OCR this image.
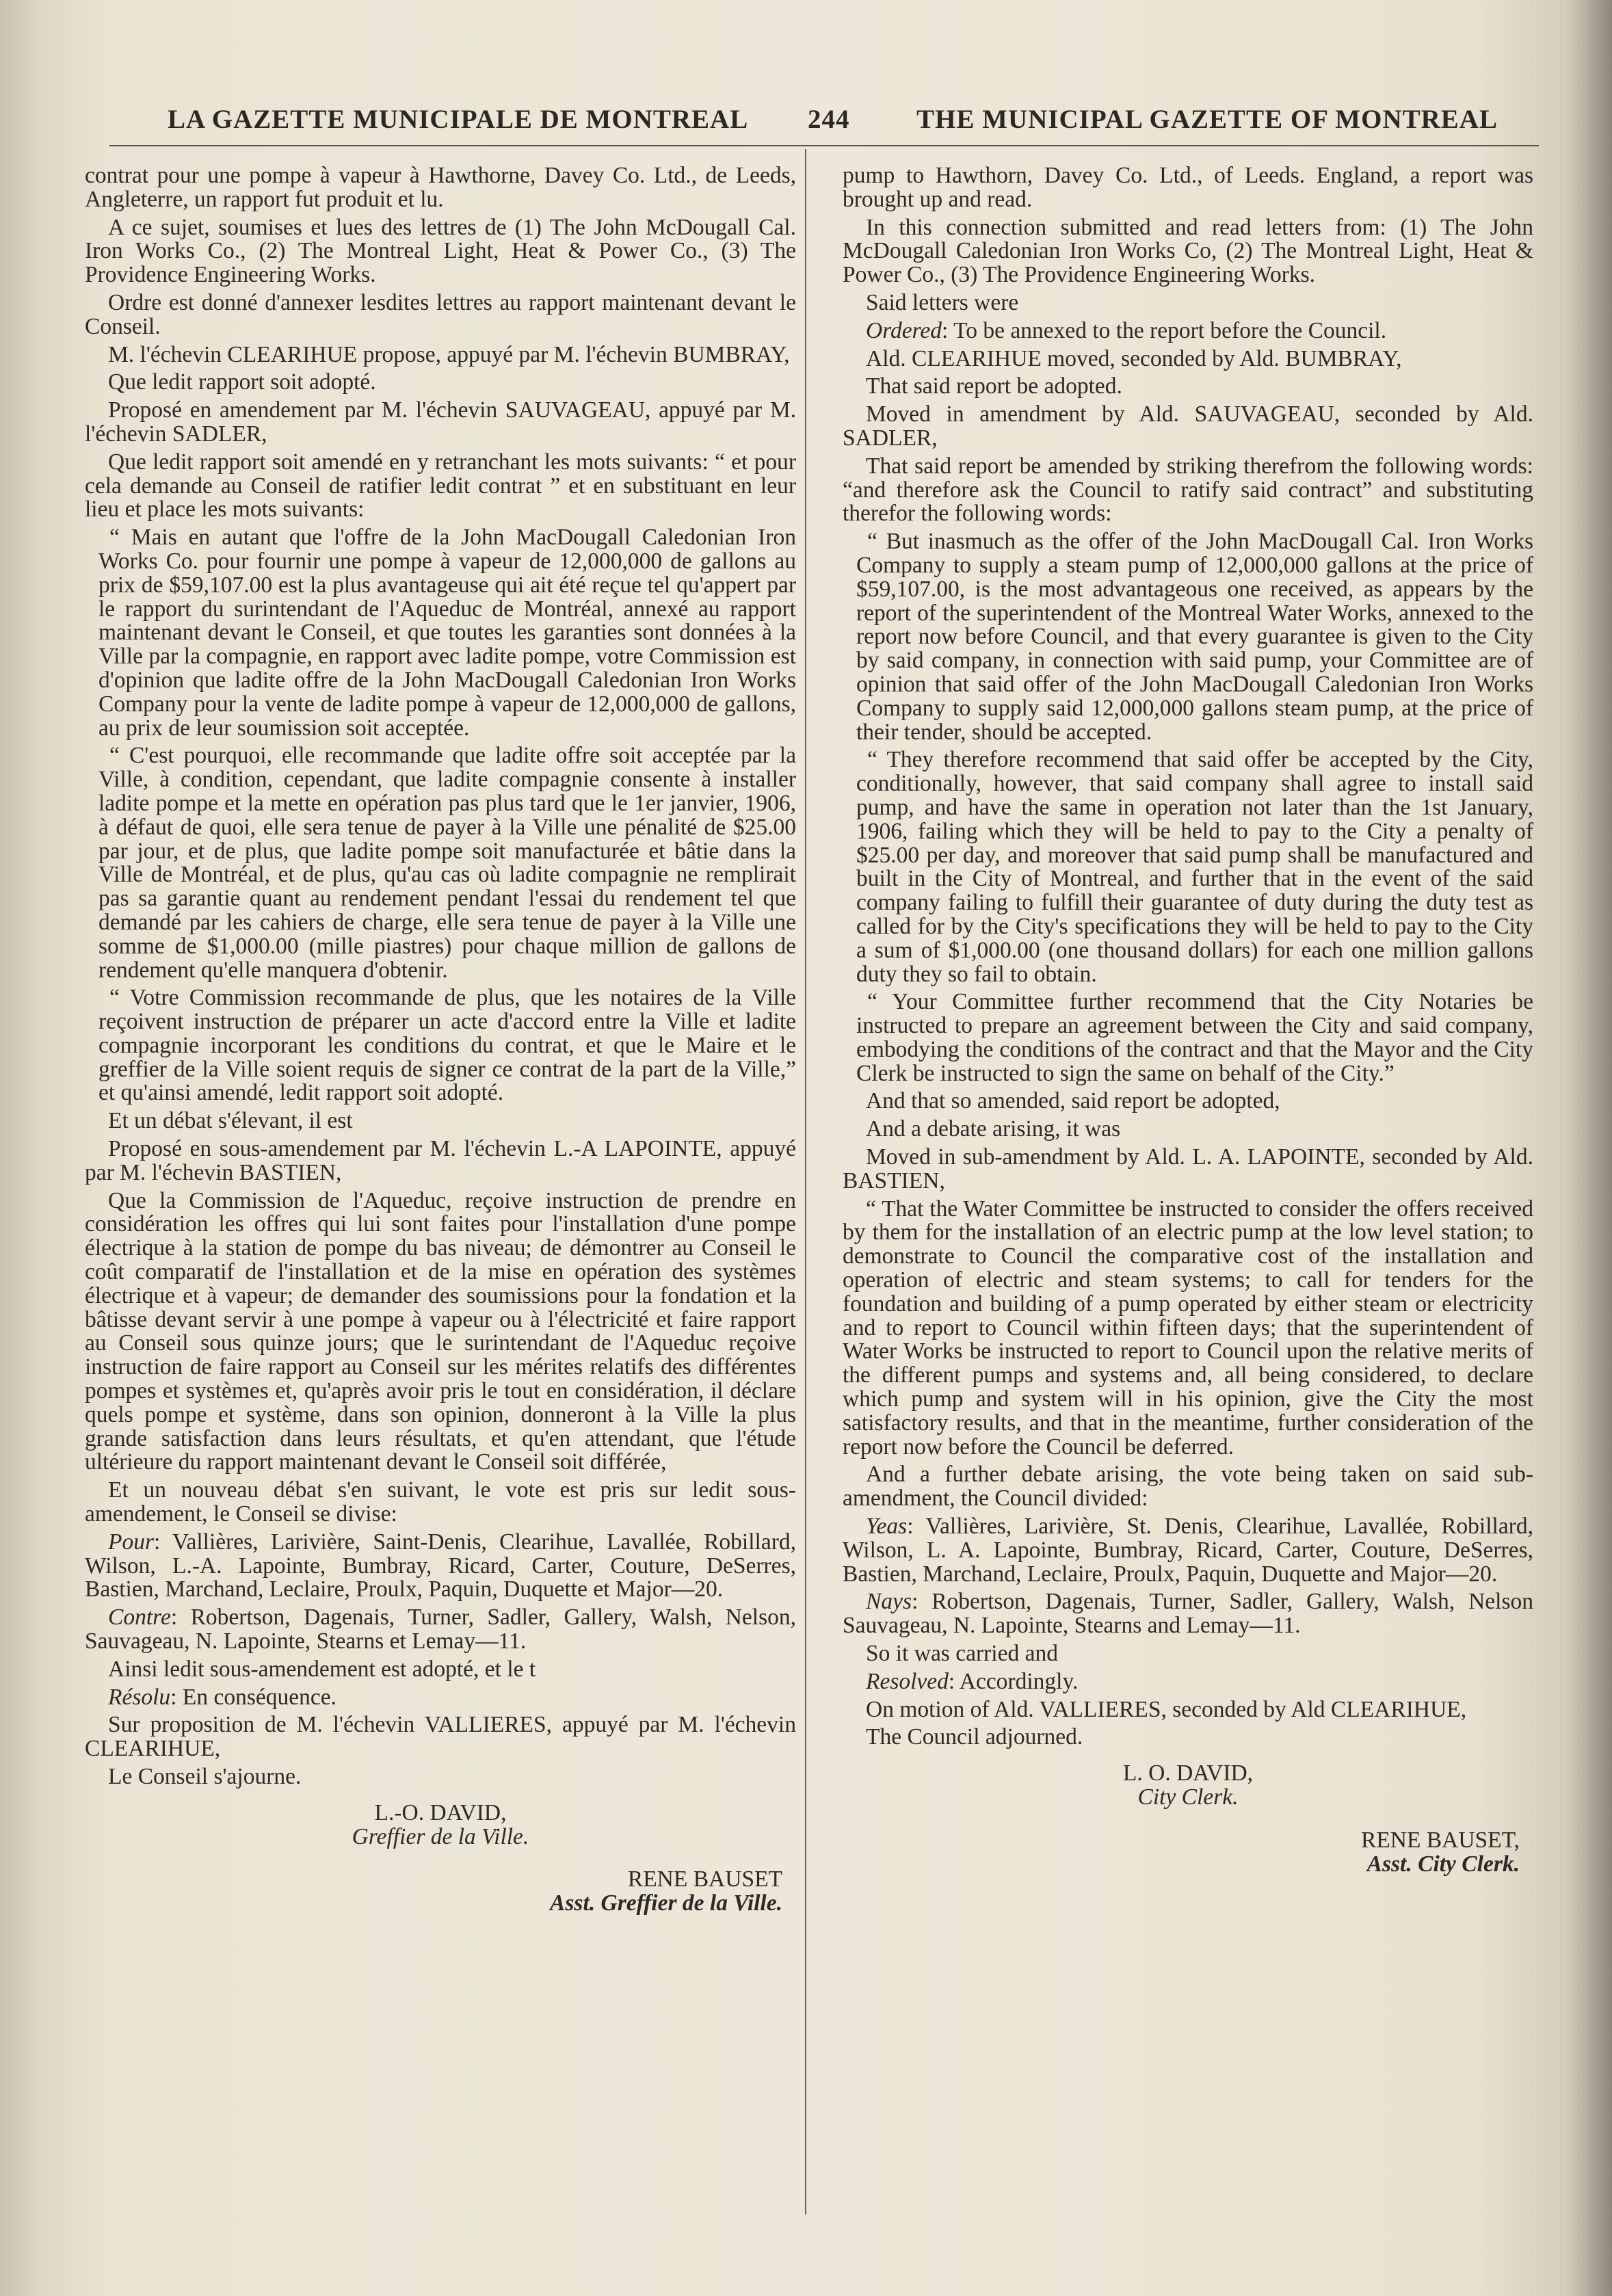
LA GAZETTE MUNICIPALE DE MONTREAL 244	THE MUNICIPAL GAZETTE OF MONTREAL

contrat pour une pompe à vapeur à Hawthorne, Davey Co. Ltd., de Leeds, Angleterre, un rapport fut produit et lu.

A ce sujet, soumises et lues des lettres de (1) The John McDougall Cal. Iron Works Co., (2) The Montreal Light, Heat & Power Co., (3) The Providence Engineering Works.

Ordre est donné d'annexer lesdites lettres au rapport maintenant devant le Conseil.

M. l'échevin CLEARIHUE propose, appuyé par M. l'échevin BUMBRAY,

Que ledit rapport soit adopté.

Proposé en amendement par M. l'échevin SAUVAGEAU, appuyé par M. l'échevin SADLER,

Que ledit rapport soit amendé en y retranchant les mots suivants: “ et pour cela demande au Conseil de ratifier ledit contrat ” et en substituant en leur lieu et place les mots suivants:

“ Mais en autant que l'offre de la John MacDougall Caledonian Iron Works Co. pour fournir une pompe à vapeur de 12,000,000 de gallons au prix de $59,107.00 est la plus avantageuse qui ait été reçue tel qu'appert par le rapport du surintendant de l'Aqueduc de Montréal, annexé au rapport maintenant devant le Conseil, et que toutes les garanties sont données à la Ville par la compagnie, en rapport avec ladite pompe, votre Commission est d'opinion que ladite offre de la John MacDougall Caledonian Iron Works Company pour la vente de ladite pompe à vapeur de 12,000,000 de gallons, au prix de leur soumission soit acceptée.

“ C'est pourquoi, elle recommande que ladite offre soit acceptée par la Ville, à condition, cependant, que ladite compagnie consente à installer ladite pompe et la mette en opération pas plus tard que le 1er janvier, 1906, à défaut de quoi, elle sera tenue de payer à la Ville une pénalité de $25.00 par jour, et de plus, que ladite pompe soit manufacturée et bâtie dans la Ville de Montréal, et de plus, qu'au cas où ladite compagnie ne remplirait pas sa garantie quant au rendement pendant l'essai du rendement tel que demandé par les cahiers de charge, elle sera tenue de payer à la Ville une somme de $1,000.00 (mille piastres) pour chaque million de gallons de rendement qu'elle manquera d'obtenir.

“ Votre Commission recommande de plus, que les notaires de la Ville reçoivent instruction de préparer un acte d'accord entre la Ville et ladite compagnie incorporant les conditions du contrat, et que le Maire et le greffier de la Ville soient requis de signer ce contrat de la part de la Ville,” et qu'ainsi amendé, ledit rapport soit adopté.

Et un débat s'élevant, il est

Proposé en sous-amendement par M. l'échevin L.-A LAPOINTE, appuyé par M. l'échevin BASTIEN,

Que la Commission de l'Aqueduc, reçoive instruction de prendre en considération les offres qui lui sont faites pour l'installation d'une pompe électrique à la station de pompe du bas niveau; de démontrer au Conseil le coût comparatif de l'installation et de la mise en opération des systèmes électrique et à vapeur; de demander des soumissions pour la fondation et la bâtisse devant servir à une pompe à vapeur ou à l'électricité et faire rapport au Conseil sous quinze jours; que le surintendant de l'Aqueduc reçoive instruction de faire rapport au Conseil sur les mérites relatifs des différentes pompes et systèmes et, qu'après avoir pris le tout en considération, il déclare quels pompe et système, dans son opinion, donneront à la Ville la plus grande satisfaction dans leurs résultats, et qu'en attendant, que l'étude ultérieure du rapport maintenant devant le Conseil soit différée,

Et un nouveau débat s'en suivant, le vote est pris sur ledit sous-amendement, le Conseil se divise:

Pour: Vallières, Larivière, Saint-Denis, Clearihue, Lavallée, Robillard, Wilson, L.-A. Lapointe, Bumbray, Ricard, Carter, Couture, DeSerres, Bastien, Marchand, Leclaire, Proulx, Paquin, Duquette et Major—20.

Contre: Robertson, Dagenais, Turner, Sadler, Gallery, Walsh, Nelson, Sauvageau, N. Lapointe, Stearns et Lemay—11.

Ainsi ledit sous-amendement est adopté, et le t

Résolu: En conséquence.

Sur proposition de M. l'échevin VALLIERES, appuyé par M. l'échevin CLEARIHUE,

Le Conseil s'ajourne.

L.-O. DAVID,
Greffier de la Ville.
RENE BAUSET
Asst. Greffier de la Ville.

pump to Hawthorn, Davey Co. Ltd., of Leeds. England, a report was brought up and read.

In this connection submitted and read letters from: (1) The John McDougall Caledonian Iron Works Co, (2) The Montreal Light, Heat & Power Co., (3) The Providence Engineering Works.

Said letters were

Ordered: To be annexed to the report before the Council.

Ald. CLEARIHUE moved, seconded by Ald. BUMBRAY,

That said report be adopted.

Moved in amendment by Ald. SAUVAGEAU, seconded by Ald. SADLER,

That said report be amended by striking therefrom the following words: “and therefore ask the Council to ratify said contract” and substituting therefor the following words:

“ But inasmuch as the offer of the John MacDougall Cal. Iron Works Company to supply a steam pump of 12,000,000 gallons at the price of $59,107.00, is the most advantageous one received, as appears by the report of the superintendent of the Montreal Water Works, annexed to the report now before Council, and that every guarantee is given to the City by said company, in connection with said pump, your Committee are of opinion that said offer of the John MacDougall Caledonian Iron Works Company to supply said 12,000,000 gallons steam pump, at the price of their tender, should be accepted.

“ They therefore recommend that said offer be accepted by the City, conditionally, however, that said company shall agree to install said pump, and have the same in operation not later than the 1st January, 1906, failing which they will be held to pay to the City a penalty of $25.00 per day, and moreover that said pump shall be manufactured and built in the City of Montreal, and further that in the event of the said company failing to fulfill their guarantee of duty during the duty test as called for by the City's specifications they will be held to pay to the City a sum of $1,000.00 (one thousand dollars) for each one million gallons duty they so fail to obtain.

“ Your Committee further recommend that the City Notaries be instructed to prepare an agreement between the City and said company, embodying the conditions of the contract and that the Mayor and the City Clerk be instructed to sign the same on behalf of the City.”

And that so amended, said report be adopted,

And a debate arising, it was

Moved in sub-amendment by Ald. L. A. LAPOINTE, seconded by Ald. BASTIEN,

“ That the Water Committee be instructed to consider the offers received by them for the installation of an electric pump at the low level station; to demonstrate to Council the comparative cost of the installation and operation of electric and steam systems; to call for tenders for the foundation and building of a pump operated by either steam or electricity and to report to Council within fifteen days; that the superintendent of Water Works be instructed to report to Council upon the relative merits of the different pumps and systems and, all being considered, to declare which pump and system will in his opinion, give the City the most satisfactory results, and that in the meantime, further consideration of the report now before the Council be deferred.

And a further debate arising, the vote being taken on said sub-amendment, the Council divided:

Yeas: Vallières, Larivière, St. Denis, Clearihue, Lavallée, Robillard, Wilson, L. A. Lapointe, Bumbray, Ricard, Carter, Couture, DeSerres, Bastien, Marchand, Leclaire, Proulx, Paquin, Duquette and Major—20.

Nays: Robertson, Dagenais, Turner, Sadler, Gallery, Walsh, Nelson Sauvageau, N. Lapointe, Stearns and Lemay—11.

So it was carried and

Resolved: Accordingly.

On motion of Ald. VALLIERES, seconded by Ald CLEARIHUE,

The Council adjourned.

L. O. DAVID,
City Clerk.
RENE BAUSET,
Asst. City Clerk.
